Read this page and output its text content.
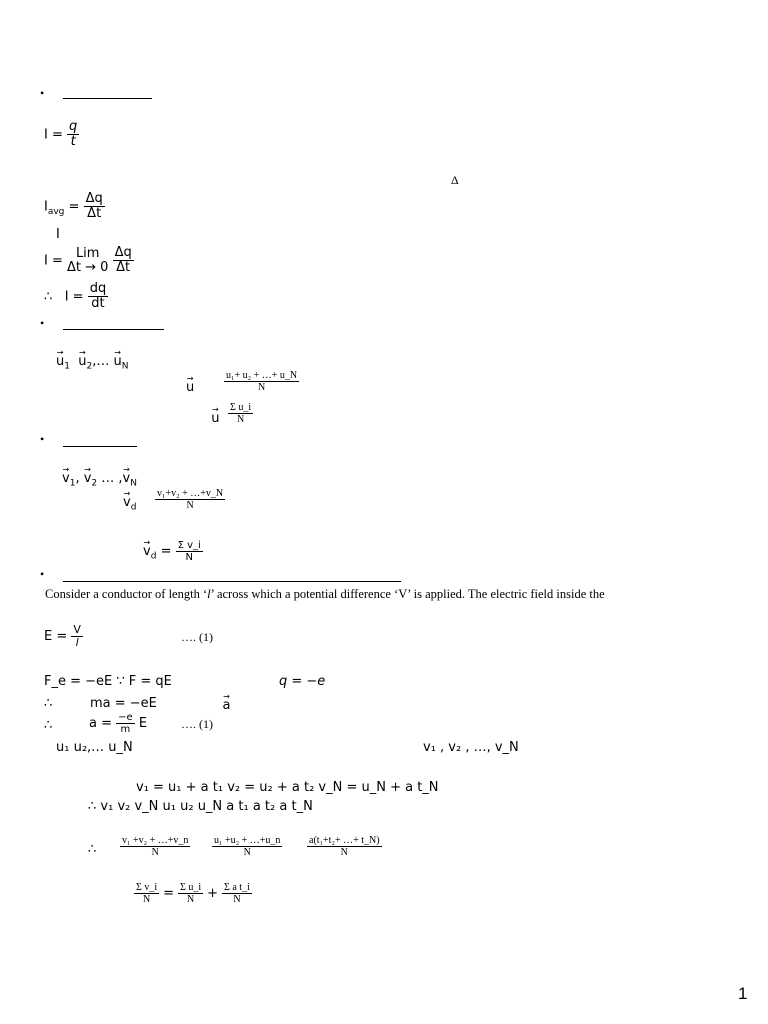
•
$I = \frac{q}{t}$
Δ
$I_{avg} = \frac{\Delta q}{\Delta t}$
I
I =
Lim
Δt → 0
$\frac{\Delta q}{\Delta t}$
∴ $I = \frac{dq}{dt}$
•
→ $u_1$ → $u_2,\dots \to u_N$
→ u	$\frac{\text{u₁+ u₂ + …+ u\_N}}{N}$
→ u $\frac{\text{Σ u\_i}}{N}$
•
→ $v_1$, → $v_2$ … ,→ $v_N$
→ $v_d \frac{\text{v₁+v₂ + …+v\_N}}{N}$
→ $v_d = \frac{\text{Σ v\_i}}{N}$
•
Consider a conductor of length ‘l’ across which a potential difference ‘V’ is applied. The electric field inside the
$E = \frac{V}{l}$	…. (1)
F_e = −eE ∵ F = qE	q = −e
∴	ma = −eE	→ a
∴	$a = \frac{-e}{m}$ E	…. (1)
u₁ u₂,… u_N	v₁ , v₂ , …, v_N
v₁ = u₁ + a t₁ v₂ = u₂ + a t₂ v_N = u_N + a t_N
∴ v₁ v₂ v_N u₁ u₂ u_N a t₁ a t₂ a t_N
∴ $\frac{\text{v₁ +v₂ + …+v\_n}}{N} \frac{\text{u₁ +u₂ + …+u\_n}}{N} \frac{\text{a(t₁+t₂+ …+ t\_N)}}{N}$
$\frac{\text{Σ v\_i}}{N} = \frac{\text{Σ u\_i}}{N} + \frac{\text{Σ a t\_i}}{N}$
1
